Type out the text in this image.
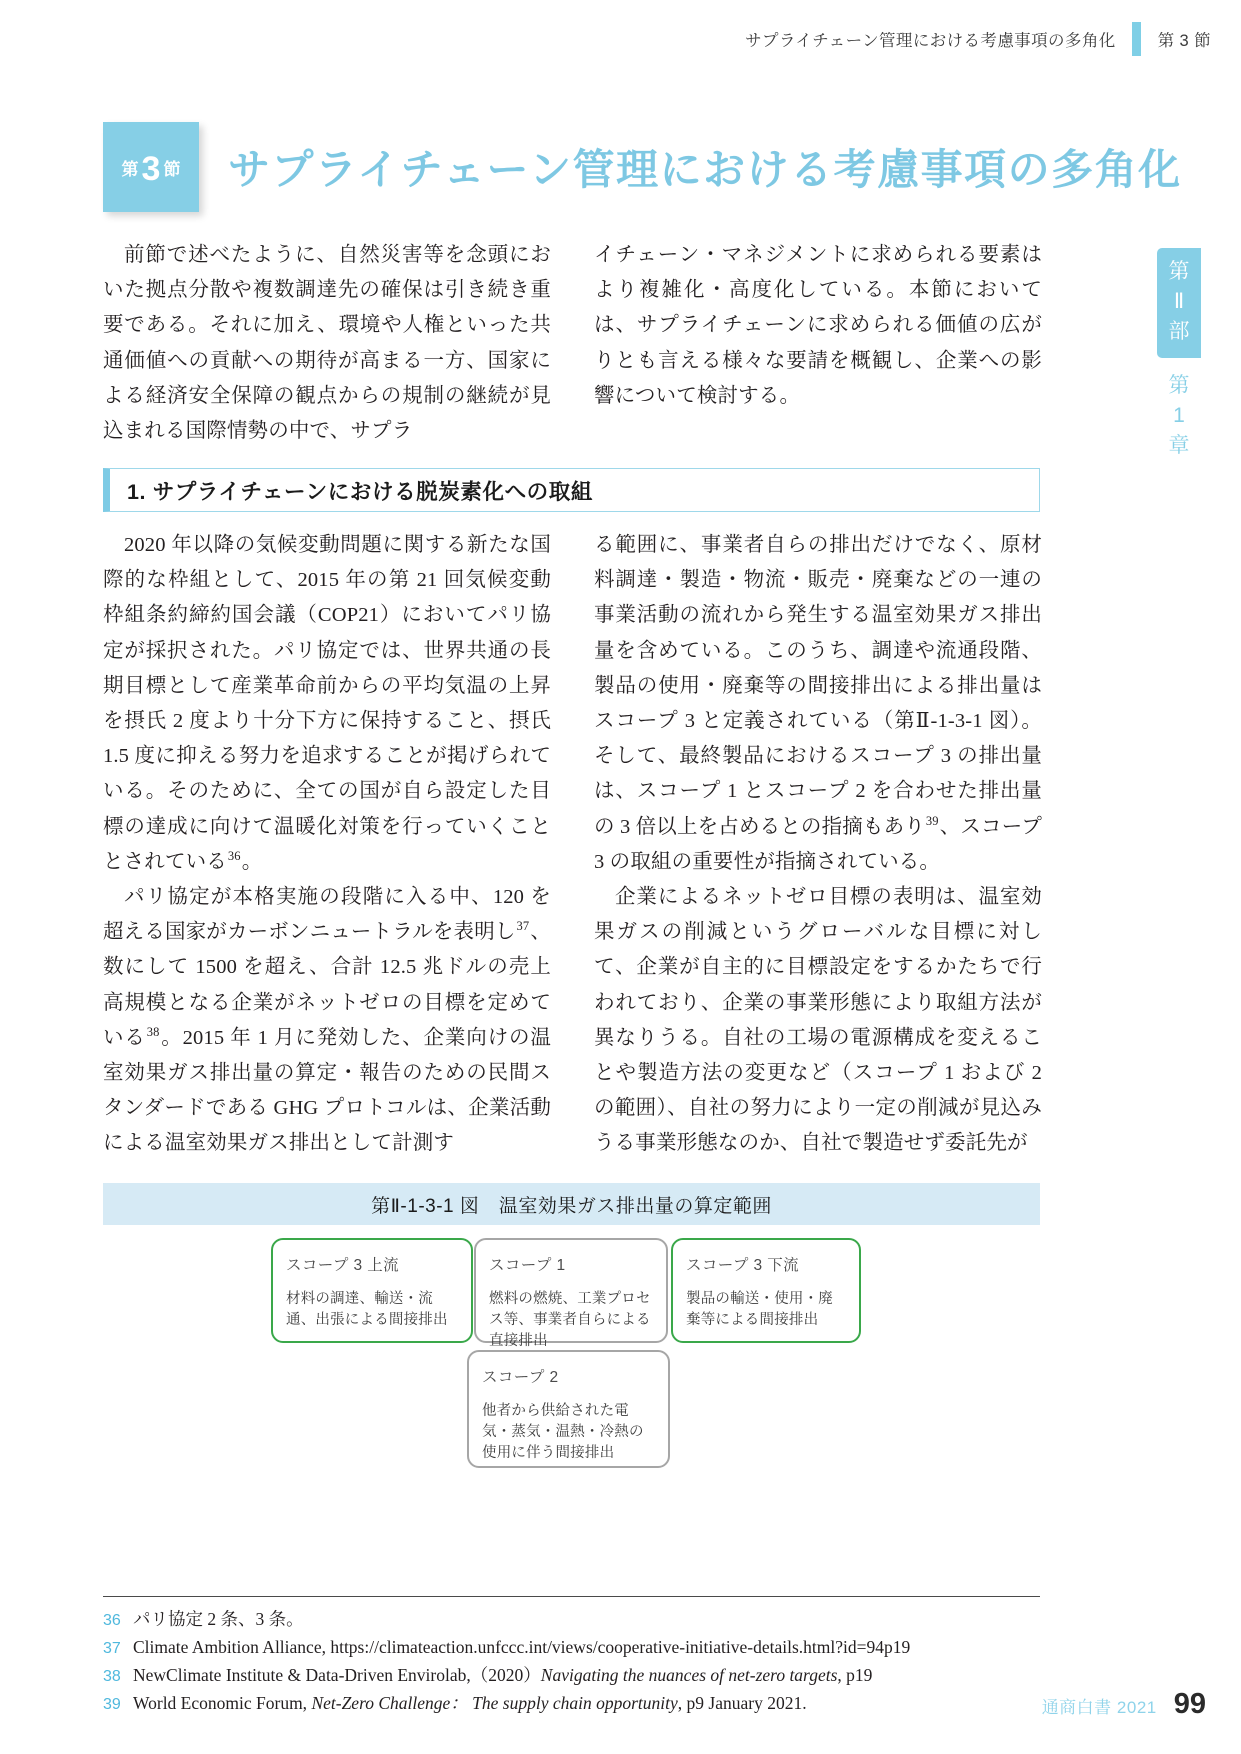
サプライチェーン管理における考慮事項の多角化	第 3 節
第 3 節 サプライチェーン管理における考慮事項の多角化
第
Ⅱ
部
第
1
章

前節で述べたように、自然災害等を念頭においた拠点分散や複数調達先の確保は引き続き重要である。それに加え、環境や人権といった共通価値への貢献への期待が高まる一方、国家による経済安全保障の観点からの規制の継続が見込まれる国際情勢の中で、サプラ

イチェーン・マネジメントに求められる要素はより複雑化・高度化している。本節においては、サプライチェーンに求められる価値の広がりとも言える様々な要請を概観し、企業への影響について検討する。

1. サプライチェーンにおける脱炭素化への取組

2020 年以降の気候変動問題に関する新たな国際的な枠組として、2015 年の第 21 回気候変動枠組条約締約国会議（COP21）においてパリ協定が採択された。パリ協定では、世界共通の長期目標として産業革命前からの平均気温の上昇を摂氏 2 度より十分下方に保持すること、摂氏 1.5 度に抑える努力を追求することが掲げられている。そのために、全ての国が自ら設定した目標の達成に向けて温暖化対策を行っていくこととされている$^{36}$。

パリ協定が本格実施の段階に入る中、120 を超える国家がカーボンニュートラルを表明し$^{37}$、数にして 1500 を超え、合計 12.5 兆ドルの売上高規模となる企業がネットゼロの目標を定めている$^{38}$。2015 年 1 月に発効した、企業向けの温室効果ガス排出量の算定・報告のための民間スタンダードである GHG プロトコルは、企業活動による温室効果ガス排出として計測す

る範囲に、事業者自らの排出だけでなく、原材料調達・製造・物流・販売・廃棄などの一連の事業活動の流れから発生する温室効果ガス排出量を含めている。このうち、調達や流通段階、製品の使用・廃棄等の間接排出による排出量はスコープ 3 と定義されている（第Ⅱ-1-3-1 図）。そして、最終製品におけるスコープ 3 の排出量は、スコープ 1 とスコープ 2 を合わせた排出量の 3 倍以上を占めるとの指摘もあり$^{39}$、スコープ 3 の取組の重要性が指摘されている。

企業によるネットゼロ目標の表明は、温室効果ガスの削減というグローバルな目標に対して、企業が自主的に目標設定をするかたちで行われており、企業の事業形態により取組方法が異なりうる。自社の工場の電源構成を変えることや製造方法の変更など（スコープ 1 および 2 の範囲）、自社の努力により一定の削減が見込みうる事業形態なのか、自社で製造せず委託先が

第Ⅱ-1-3-1 図　温室効果ガス排出量の算定範囲
スコープ 3 上流
材料の調達、輸送・流通、出張による間接排出
スコープ 1
燃料の燃焼、工業プロセス等、事業者自らによる直接排出
スコープ 3 下流
製品の輸送・使用・廃棄等による間接排出
スコープ 2
他者から供給された電気・蒸気・温熱・冷熱の使用に伴う間接排出
36 パリ協定 2 条、3 条。
37 Climate Ambition Alliance, https://climateaction.unfccc.int/views/cooperative-initiative-details.html?id=94p19
38 NewClimate Institute & Data-Driven Envirolab,（2020）Navigating the nuances of net-zero targets, p19
39 World Economic Forum, Net-Zero Challenge： The supply chain opportunity, p9 January 2021.	通商白書 2021 99
